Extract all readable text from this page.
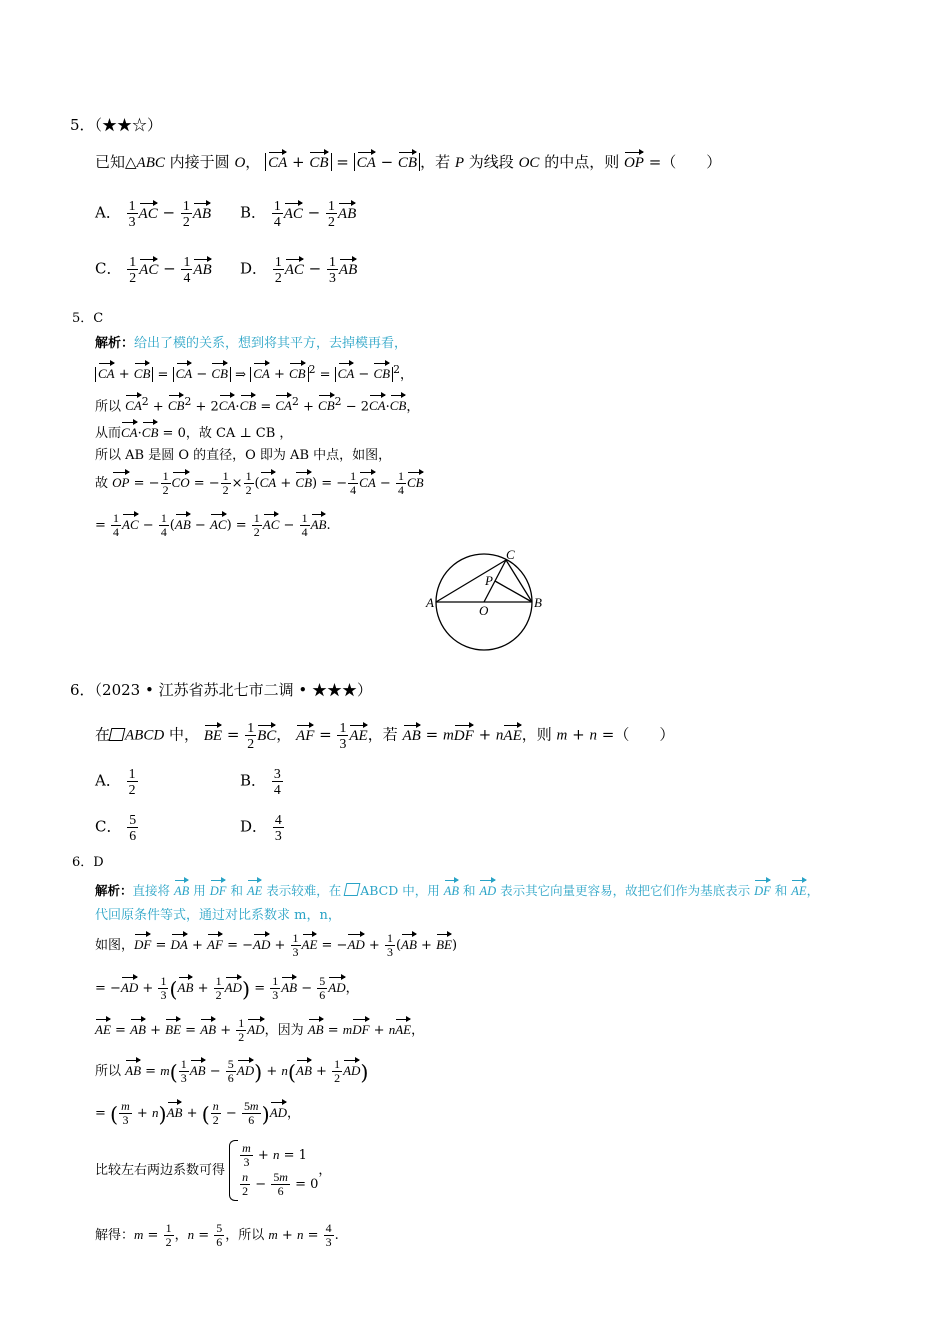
5．（★★☆）
已知△ABC 内接于圆 O， CA + CB = CA − CB ，若 P 为线段 OC 的中点，则 OP =（　　）
A． $\frac{1}{3}$ AC − $\frac{1}{2}$ AB B． $\frac{1}{4}$ AC − $\frac{1}{2}$ AB
C． $\frac{1}{2}$ AC − $\frac{1}{4}$ AB D． $\frac{1}{2}$ AC − $\frac{1}{3}$ AB
5．C
解析：给出了模的关系，想到将其平方，去掉模再看，
CA + CB = CA − CB ⇒ CA + CB $^2$ = CA − CB $^2$，
所以 $CA^2 + CB^2 + 2CA\cdot CB = CA^2 + CB^2 - 2CA\cdot CB$，
从而CA·CB = 0，故 CA ⊥ CB ，
所以 AB 是圆 O 的直径，O 即为 AB 中点，如图，
故 OP = − $\frac{1}{2}$ CO = − $\frac{1}{2} \times \frac{1}{2} (CA + CB)$ = − $\frac{1}{4}$ CA − $\frac{1}{4}$ CB
= $\frac{1}{4}$ AC − $\frac{1}{4} (AB - AC) = \frac{1}{2}$ AC − $\frac{1}{4}$ AB.
A	B
C
O
P
6．（2023 • 江苏省苏北七市二调 • ★★★）
在 ABCD 中， BE = $\frac{1}{2}$ BC， AF = $\frac{1}{3}$ AE，若 AB = mDF + nAE，则 m + n =（　　）
A． $\frac{1}{2}$	B． $\frac{3}{4}$
C． $\frac{5}{6}$	D． $\frac{4}{3}$
6．D
解析：直接将 AB 用 DF 和 AE 表示较难，在 ABCD 中，用 AB 和 AD 表示其它向量更容易，故把它们作为基底表示 DF 和 AE，
代回原条件等式，通过对比系数求 m，n，
如图，DF = DA + AF = $-AD + \frac{1}{3}$ AE = $-AD + \frac{1}{3} (AB + BE)$
= $-AD + \frac{1}{3} (AB + \frac{1}{2} AD) = \frac{1}{3}$ AB − $\frac{5}{6}$ AD，
AE = AB + BE = AB + $\frac{1}{2}$ AD，因为 AB = mDF + nAE，
所以 AB = $m( \frac{1}{3}$ AB − $\frac{5}{6} AD) + n(AB + \frac{1}{2} AD)$
= ( $\frac{m}{3} + n)AB$ + ( $\frac{n}{2} - \frac{5m}{6} )AD$，
比较左右两边系数可得
$\frac{m}{3} + n = 1$
$\frac{n}{2} - \frac{5m}{6} = 0$
，
解得：$m = \frac{1}{2}$ ，$n = \frac{5}{6}$ ，所以 $m + n = \frac{4}{3}$ .
